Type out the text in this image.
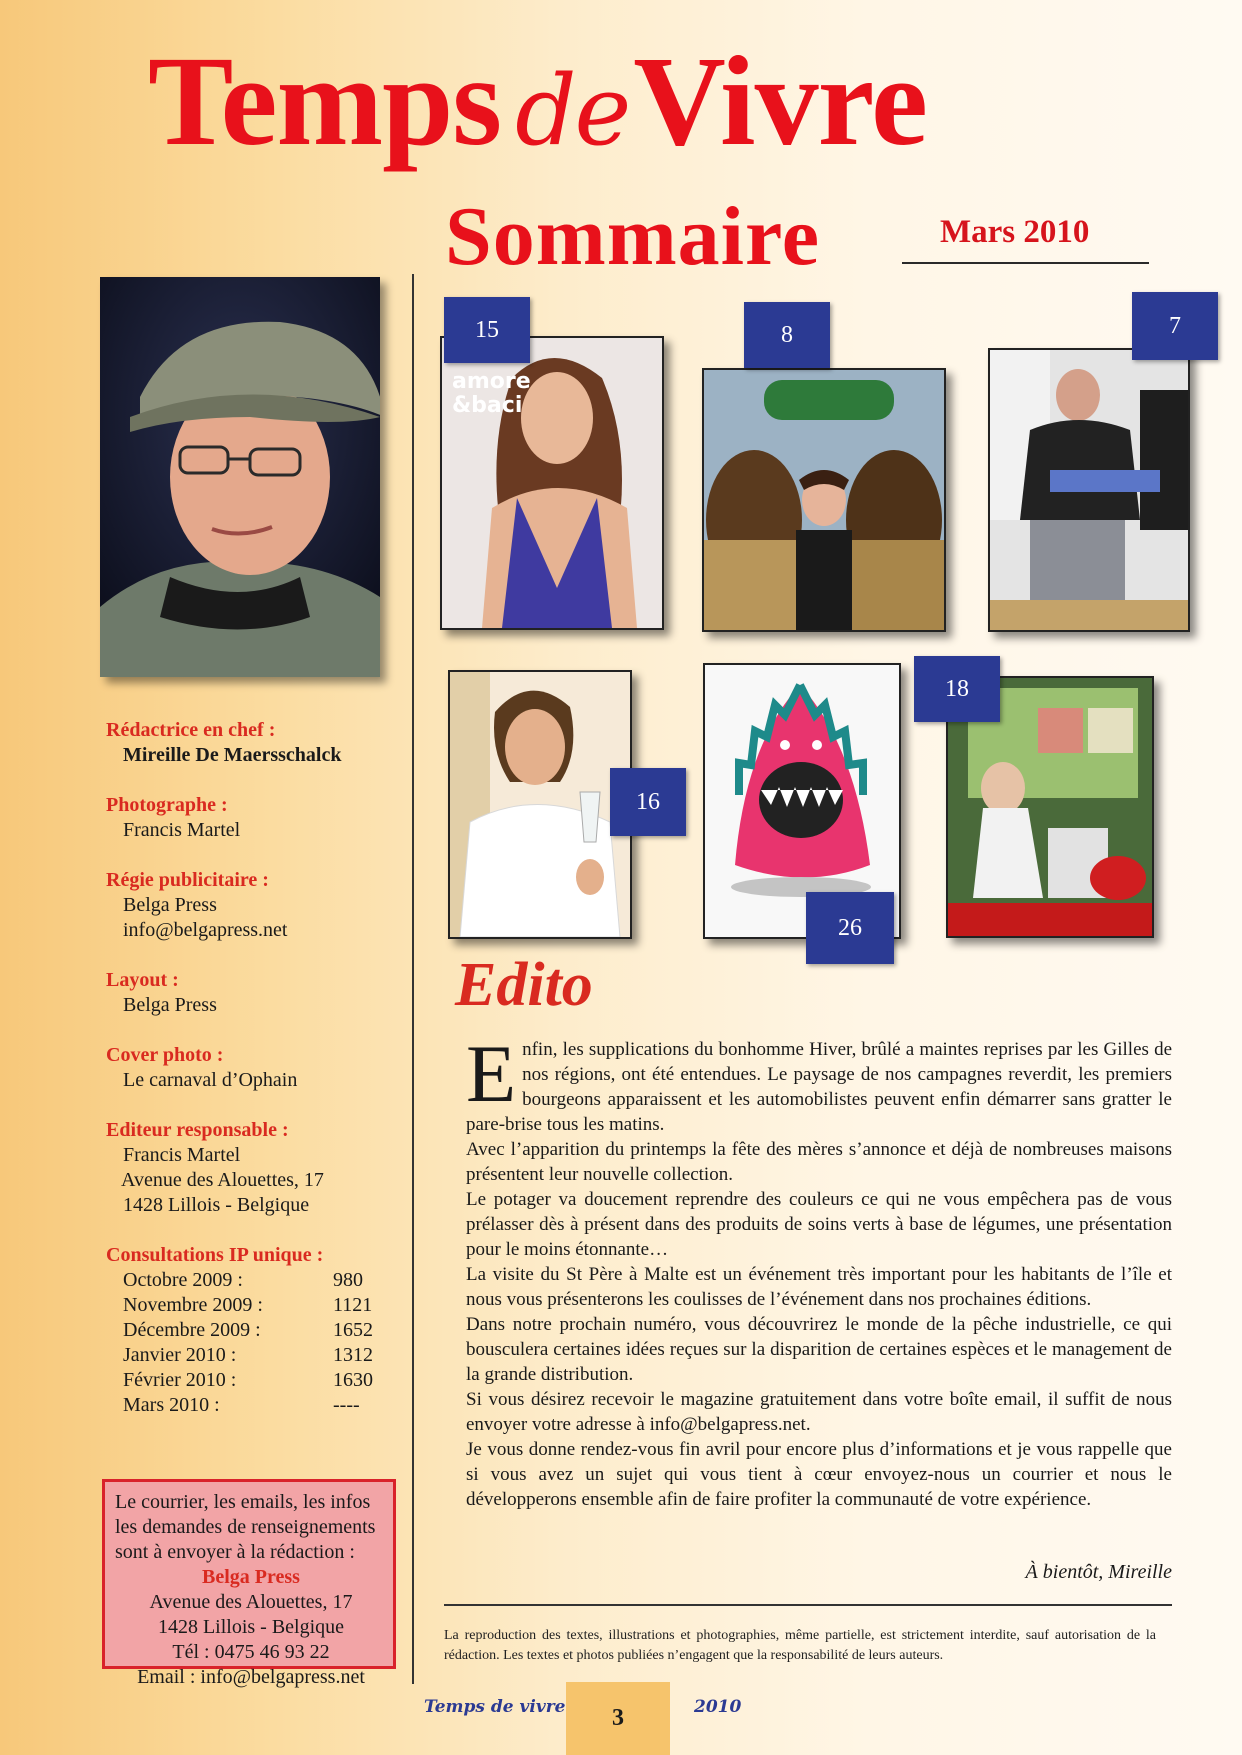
Temps deVivre
Sommaire	Mars 2010
amore
&baci
15	8	7
16
26
18
Rédactrice en chef :
Mireille De Maersschalck
Photographe :
Francis Martel
Régie publicitaire :
Belga Press
info@belgapress.net
Layout :
Belga Press
Cover photo :
Le carnaval d’Ophain
Editeur responsable :
Francis Martel
Avenue des Alouettes, 17
1428 Lillois - Belgique
Consultations IP unique :
Octobre 2009 :	980
Novembre 2009 :	1121
Décembre 2009 :	1652
Janvier 2010 :	1312
Février 2010 :	1630
Mars 2010 :	----
Le courrier, les emails, les infos
les demandes de renseignements
sont à envoyer à la rédaction :
Belga Press
Avenue des Alouettes, 17
1428 Lillois - Belgique
Tél : 0475 46 93 22
Email : info@belgapress.net
Edito

Enfin, les supplications du bonhomme Hiver, brûlé a maintes reprises par les Gilles de nos régions, ont été entendues. Le paysage de nos campagnes reverdit, les premiers bourgeons apparaissent et les automobilistes peuvent enfin démarrer sans gratter le pare-brise tous les matins.

Avec l’apparition du printemps la fête des mères s’annonce et déjà de nombreuses maisons présentent leur nouvelle collection.

Le potager va doucement reprendre des couleurs ce qui ne vous empêchera pas de vous prélasser dès à présent dans des produits de soins verts à base de légumes, une présentation pour le moins étonnante…

La visite du St Père à Malte est un événement très important pour les habitants de l’île et nous vous présenterons les coulisses de l’événement dans nos prochaines éditions.

Dans notre prochain numéro, vous découvrirez le monde de la pêche industrielle, ce qui bousculera certaines idées reçues sur la disparition de certaines espèces et le management de la grande distribution.

Si vous désirez recevoir le magazine gratuitement dans votre boîte email, il suffit de nous envoyer votre adresse à info@belgapress.net.

Je vous donne rendez-vous fin avril pour encore plus d’informations et je vous rappelle que si vous avez un sujet qui vous tient à cœur envoyez-nous un courrier et nous le développerons ensemble afin de faire profiter la communauté de votre expérience.

À bientôt, Mireille
La reproduction des textes, illustrations et photographies, même partielle, est strictement interdite, sauf autorisation de la rédaction. Les textes et photos publiées n’engagent que la responsabilité de leurs auteurs.
Temps de vivre	3	2010
